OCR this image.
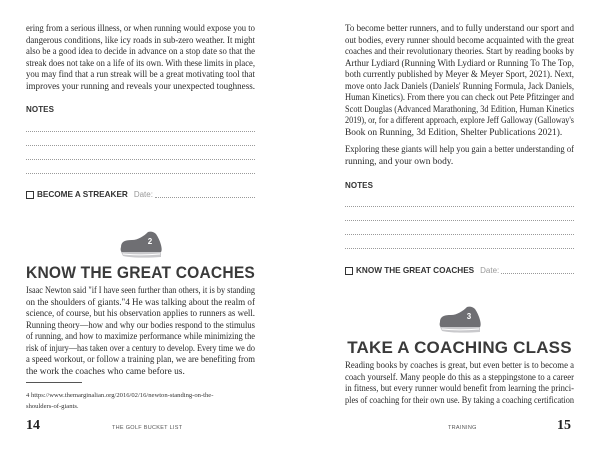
ering from a serious illness, or when running would expose you to
dangerous conditions, like icy roads in sub-zero weather. It might
also be a good idea to decide in advance on a stop date so that the
streak does not take on a life of its own. With these limits in place,
you may find that a run streak will be a great motivating tool that
improves your running and reveals your unexpected toughness.
NOTES
BECOME A STREAKER Date:
2
KNOW THE GREAT COACHES
Isaac Newton said "if I have seen further than others, it is by standing
on the shoulders of giants."4 He was talking about the realm of
science, of course, but his observation applies to runners as well.
Running theory—how and why our bodies respond to the stimulus
of running, and how to maximize performance while minimizing the
risk of injury—has taken over a century to develop. Every time we do
a speed workout, or follow a training plan, we are benefiting from
the work the coaches who came before us.
4 https://www.themarginalian.org/2016/02/16/newton-standing-on-the-
shoulders-of-giants.
14	THE GOLF BUCKET LIST
To become better runners, and to fully understand our sport and
out bodies, every runner should become acquainted with the great
coaches and their revolutionary theories. Start by reading books by
Arthur Lydiard (Running With Lydiard or Running To The Top,
both currently published by Meyer & Meyer Sport, 2021). Next,
move onto Jack Daniels (Daniels' Running Formula, Jack Daniels,
Human Kinetics). From there you can check out Pete Pfitzinger and
Scott Douglas (Advanced Marathoning, 3d Edition, Human Kinetics
2019), or, for a different approach, explore Jeff Galloway (Galloway's
Book on Running, 3d Edition, Shelter Publications 2021).
Exploring these giants will help you gain a better understanding of
running, and your own body.
NOTES
KNOW THE GREAT COACHES Date:
3
TAKE A COACHING CLASS
Reading books by coaches is great, but even better is to become a
coach yourself. Many people do this as a steppingstone to a career
in fitness, but every runner would benefit from learning the princi-
ples of coaching for their own use. By taking a coaching certification
TRAINING	15
